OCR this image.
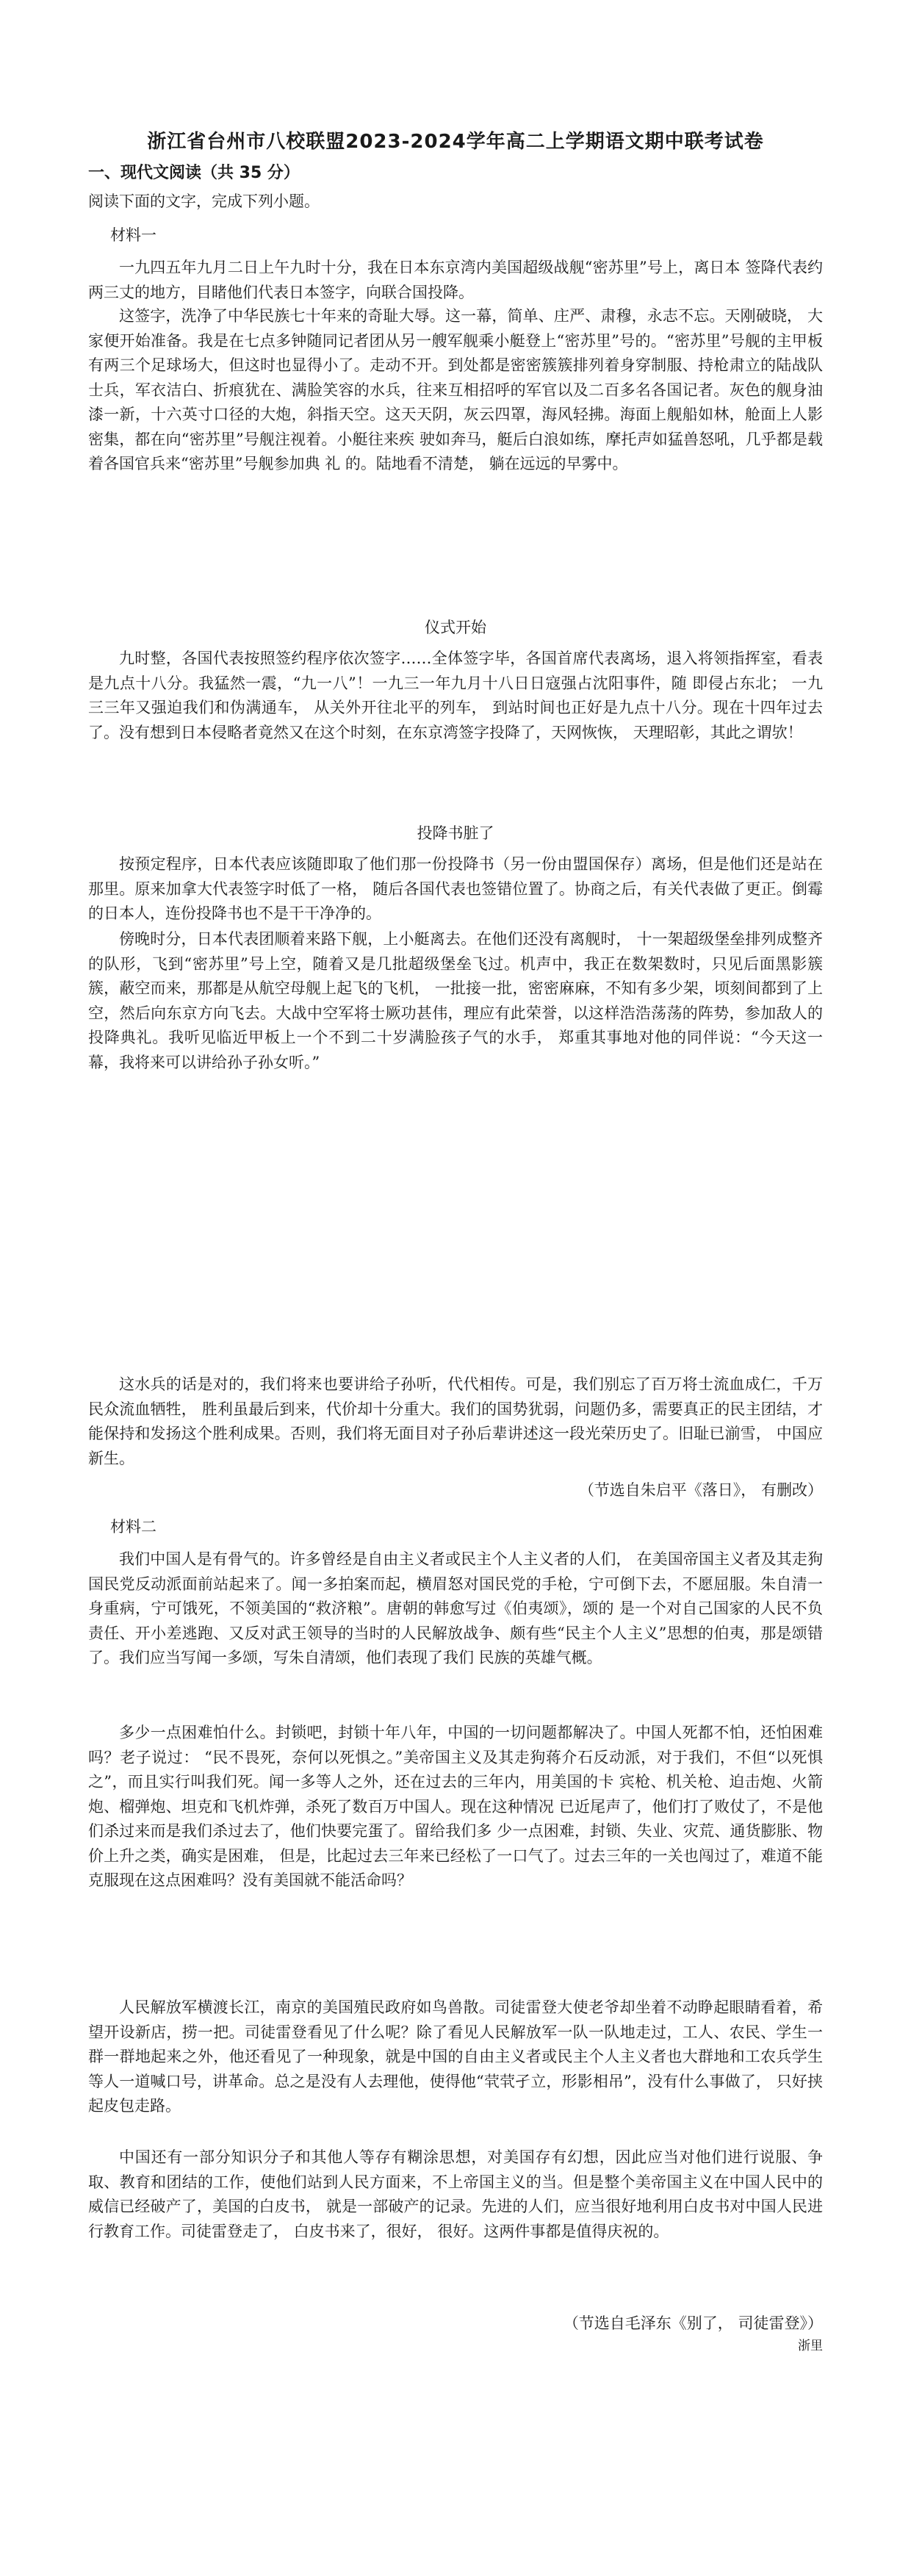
浙江省台州市八校联盟2023-2024学年高二上学期语文期中联考试卷
一、现代文阅读（共 35 分）
阅读下面的文字，完成下列小题。
材料一

一九四五年九月二日上午九时十分，我在日本东京湾内美国超级战舰“密苏里”号上，离日本 签降代表约两三丈的地方，目睹他们代表日本签字，向联合国投降。

这签字，洗净了中华民族七十年来的奇耻大辱。这一幕，简单、庄严、肃穆，永志不忘。天刚破晓， 大家便开始准备。我是在七点多钟随同记者团从另一艘军舰乘小艇登上“密苏里”号的。“密苏里”号舰的主甲板有两三个足球场大，但这时也显得小了。走动不开。到处都是密密簇簇排列着身穿制服、持枪肃立的陆战队士兵，军衣洁白、折痕犹在、满脸笑容的水兵，往来互相招呼的军官以及二百多名各国记者。灰色的舰身油漆一新，十六英寸口径的大炮，斜指天空。这天天阴，灰云四罩，海风轻拂。海面上舰船如林，舱面上人影密集，都在向“密苏里”号舰注视着。小艇往来疾 驶如奔马，艇后白浪如练，摩托声如猛兽怒吼，几乎都是载着各国官兵来“密苏里”号舰参加典 礼 的。陆地看不清楚， 躺在远远的早雾中。

仪式开始

九时整，各国代表按照签约程序依次签字……全体签字毕，各国首席代表离场，退入将领指挥室，看表是九点十八分。我猛然一震，“九一八”！一九三一年九月十八日日寇强占沈阳事件，随 即侵占东北； 一九三三年又强迫我们和伪满通车， 从关外开往北平的列车， 到站时间也正好是九点十八分。现在十四年过去了。没有想到日本侵略者竟然又在这个时刻，在东京湾签字投降了，天网恢恢， 天理昭彰，其此之谓欤！

投降书脏了

按预定程序，日本代表应该随即取了他们那一份投降书（另一份由盟国保存）离场，但是他们还是站在那里。原来加拿大代表签字时低了一格， 随后各国代表也签错位置了。协商之后，有关代表做了更正。倒霉的日本人，连份投降书也不是干干净净的。

傍晚时分，日本代表团顺着来路下舰，上小艇离去。在他们还没有离舰时， 十一架超级堡垒排列成整齐的队形，飞到“密苏里”号上空，随着又是几批超级堡垒飞过。机声中，我正在数架数时，只见后面黑影簇簇，蔽空而来，那都是从航空母舰上起飞的飞机， 一批接一批，密密麻麻，不知有多少架，顷刻间都到了上空，然后向东京方向飞去。大战中空军将士厥功甚伟，理应有此荣誉，以这样浩浩荡荡的阵势，参加敌人的投降典礼。我听见临近甲板上一个不到二十岁满脸孩子气的水手， 郑重其事地对他的同伴说：“今天这一幕，我将来可以讲给孙子孙女听。”

这水兵的话是对的，我们将来也要讲给子孙听，代代相传。可是，我们别忘了百万将士流血成仁，千万民众流血牺牲， 胜利虽最后到来，代价却十分重大。我们的国势犹弱，问题仍多，需要真正的民主团结，才能保持和发扬这个胜利成果。否则，我们将无面目对子孙后辈讲述这一段光荣历史了。旧耻已湔雪， 中国应新生。

（节选自朱启平《落日》， 有删改）
材料二

我们中国人是有骨气的。许多曾经是自由主义者或民主个人主义者的人们， 在美国帝国主义者及其走狗国民党反动派面前站起来了。闻一多拍案而起，横眉怒对国民党的手枪，宁可倒下去，不愿屈服。朱自清一身重病，宁可饿死，不领美国的“救济粮”。唐朝的韩愈写过《伯夷颂》，颂的 是一个对自己国家的人民不负责任、开小差逃跑、又反对武王领导的当时的人民解放战争、颇有些“民主个人主义”思想的伯夷，那是颂错了。我们应当写闻一多颂，写朱自清颂，他们表现了我们 民族的英雄气概。

多少一点困难怕什么。封锁吧，封锁十年八年，中国的一切问题都解决了。中国人死都不怕，还怕困难吗？老子说过： “民不畏死，奈何以死惧之。”美帝国主义及其走狗蒋介石反动派，对于我们，不但“以死惧之”，而且实行叫我们死。闻一多等人之外，还在过去的三年内，用美国的卡 宾枪、机关枪、迫击炮、火箭炮、榴弹炮、坦克和飞机炸弹，杀死了数百万中国人。现在这种情况 已近尾声了，他们打了败仗了，不是他们杀过来而是我们杀过去了，他们快要完蛋了。留给我们多 少一点困难，封锁、失业、灾荒、通货膨胀、物价上升之类，确实是困难， 但是，比起过去三年来已经松了一口气了。过去三年的一关也闯过了，难道不能克服现在这点困难吗？没有美国就不能活命吗？

人民解放军横渡长江，南京的美国殖民政府如鸟兽散。司徒雷登大使老爷却坐着不动睁起眼睛看着，希望开设新店，捞一把。司徒雷登看见了什么呢？除了看见人民解放军一队一队地走过，工人、农民、学生一群一群地起来之外，他还看见了一种现象，就是中国的自由主义者或民主个人主义者也大群地和工农兵学生等人一道喊口号，讲革命。总之是没有人去理他，使得他“茕茕孑立，形影相吊”，没有什么事做了， 只好挟起皮包走路。

中国还有一部分知识分子和其他人等存有糊涂思想，对美国存有幻想，因此应当对他们进行说服、争取、教育和团结的工作，使他们站到人民方面来，不上帝国主义的当。但是整个美帝国主义在中国人民中的威信已经破产了，美国的白皮书， 就是一部破产的记录。先进的人们，应当很好地利用白皮书对中国人民进行教育工作。司徒雷登走了， 白皮书来了，很好， 很好。这两件事都是值得庆祝的。

（节选自毛泽东《别了， 司徒雷登》）
浙里
